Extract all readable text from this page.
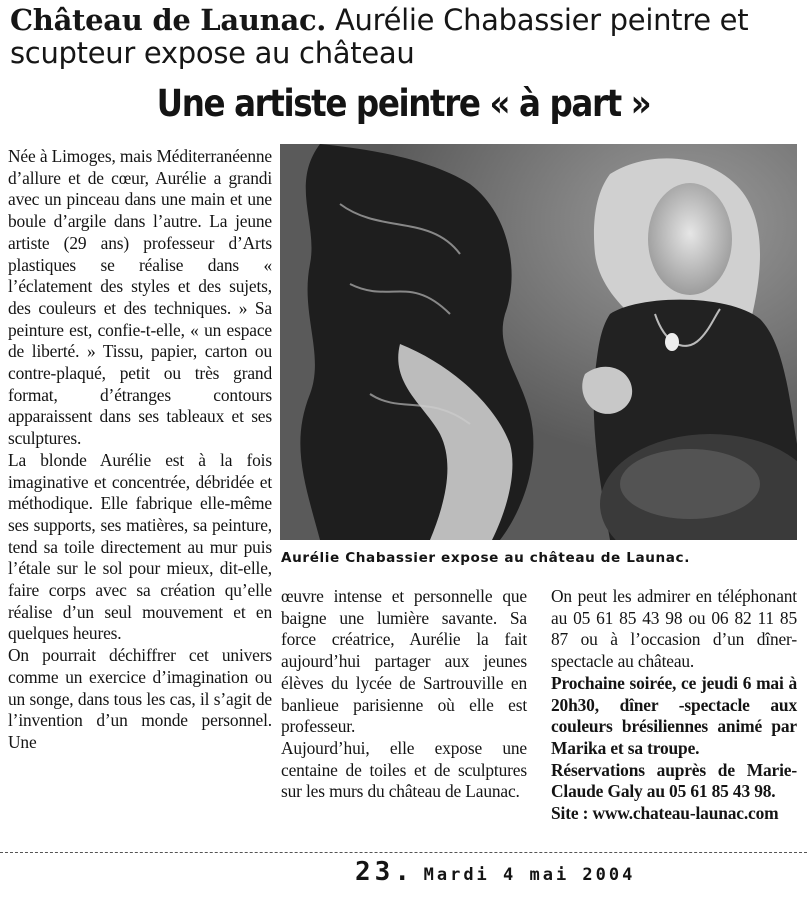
Château de Launac. Aurélie Chabassier peintre et scupteur expose au château
Une artiste peintre « à part »

Née à Limoges, mais Méditerranéenne d’allure et de cœur, Aurélie a grandi avec un pinceau dans une main et une boule d’argile dans l’autre. La jeune artiste (29 ans) professeur d’Arts plastiques se réalise dans « l’éclatement des styles et des sujets, des couleurs et des techniques. » Sa peinture est, confie-t-elle, « un espace de liberté. » Tissu, papier, carton ou contre-plaqué, petit ou très grand format, d’étranges contours apparaissent dans ses tableaux et ses sculptures.

La blonde Aurélie est à la fois imaginative et concentrée, débridée et méthodique. Elle fabrique elle-même ses supports, ses matières, sa peinture, tend sa toile directement au mur puis l’étale sur le sol pour mieux, dit-elle, faire corps avec sa création qu’elle réalise d’un seul mouvement et en quelques heures.

On pourrait déchiffrer cet univers comme un exercice d’imagination ou un songe, dans tous les cas, il s’agit de l’invention d’un monde personnel. Une

Aurélie Chabassier expose au château de Launac.

œuvre intense et personnelle que baigne une lumière savante. Sa force créatrice, Aurélie la fait aujourd’hui partager aux jeunes élèves du lycée de Sartrouville en banlieue parisienne où elle est professeur.

Aujourd’hui, elle expose une centaine de toiles et de sculptures sur les murs du château de Launac.

On peut les admirer en téléphonant au 05 61 85 43 98 ou 06 82 11 85 87 ou à l’occasion d’un dîner-spectacle au château.

Prochaine soirée, ce jeudi 6 mai à 20h30, dîner -spectacle aux couleurs brésiliennes animé par Marika et sa troupe.

Réservations auprès de Marie-Claude Galy au 05 61 85 43 98.

Site : www.chateau-launac.com

23. Mardi 4 mai 2004
